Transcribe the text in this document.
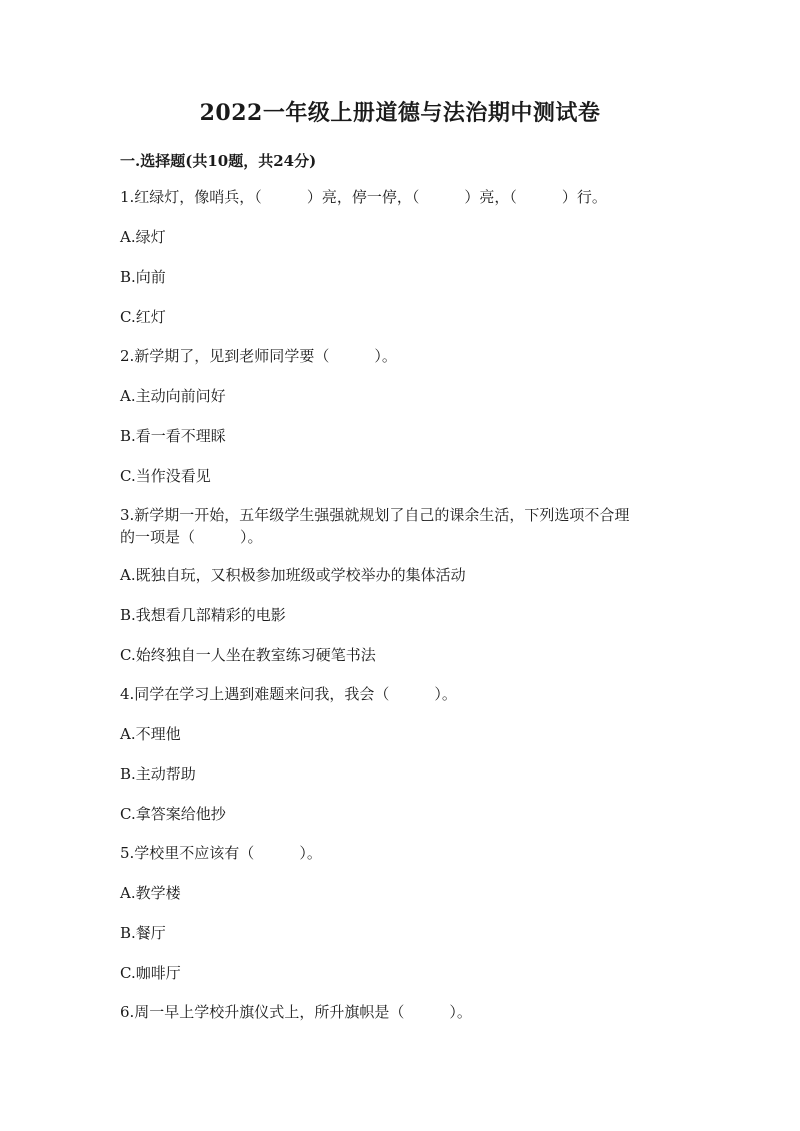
2022一年级上册道德与法治期中测试卷
一.选择题(共10题，共24分)
1.红绿灯，像哨兵，（　　　）亮，停一停，（　　　）亮，（　　　）行。
A.绿灯
B.向前
C.红灯
2.新学期了，见到老师同学要（　　　）。
A.主动向前问好
B.看一看不理睬
C.当作没看见
3.新学期一开始，五年级学生强强就规划了自己的课余生活，下列选项不合理
的一项是（　　　）。
A.既独自玩，又积极参加班级或学校举办的集体活动
B.我想看几部精彩的电影
C.始终独自一人坐在教室练习硬笔书法
4.同学在学习上遇到难题来问我，我会（　　　）。
A.不理他
B.主动帮助
C.拿答案给他抄
5.学校里不应该有（　　　）。
A.教学楼
B.餐厅
C.咖啡厅
6.周一早上学校升旗仪式上，所升旗帜是（　　　）。
